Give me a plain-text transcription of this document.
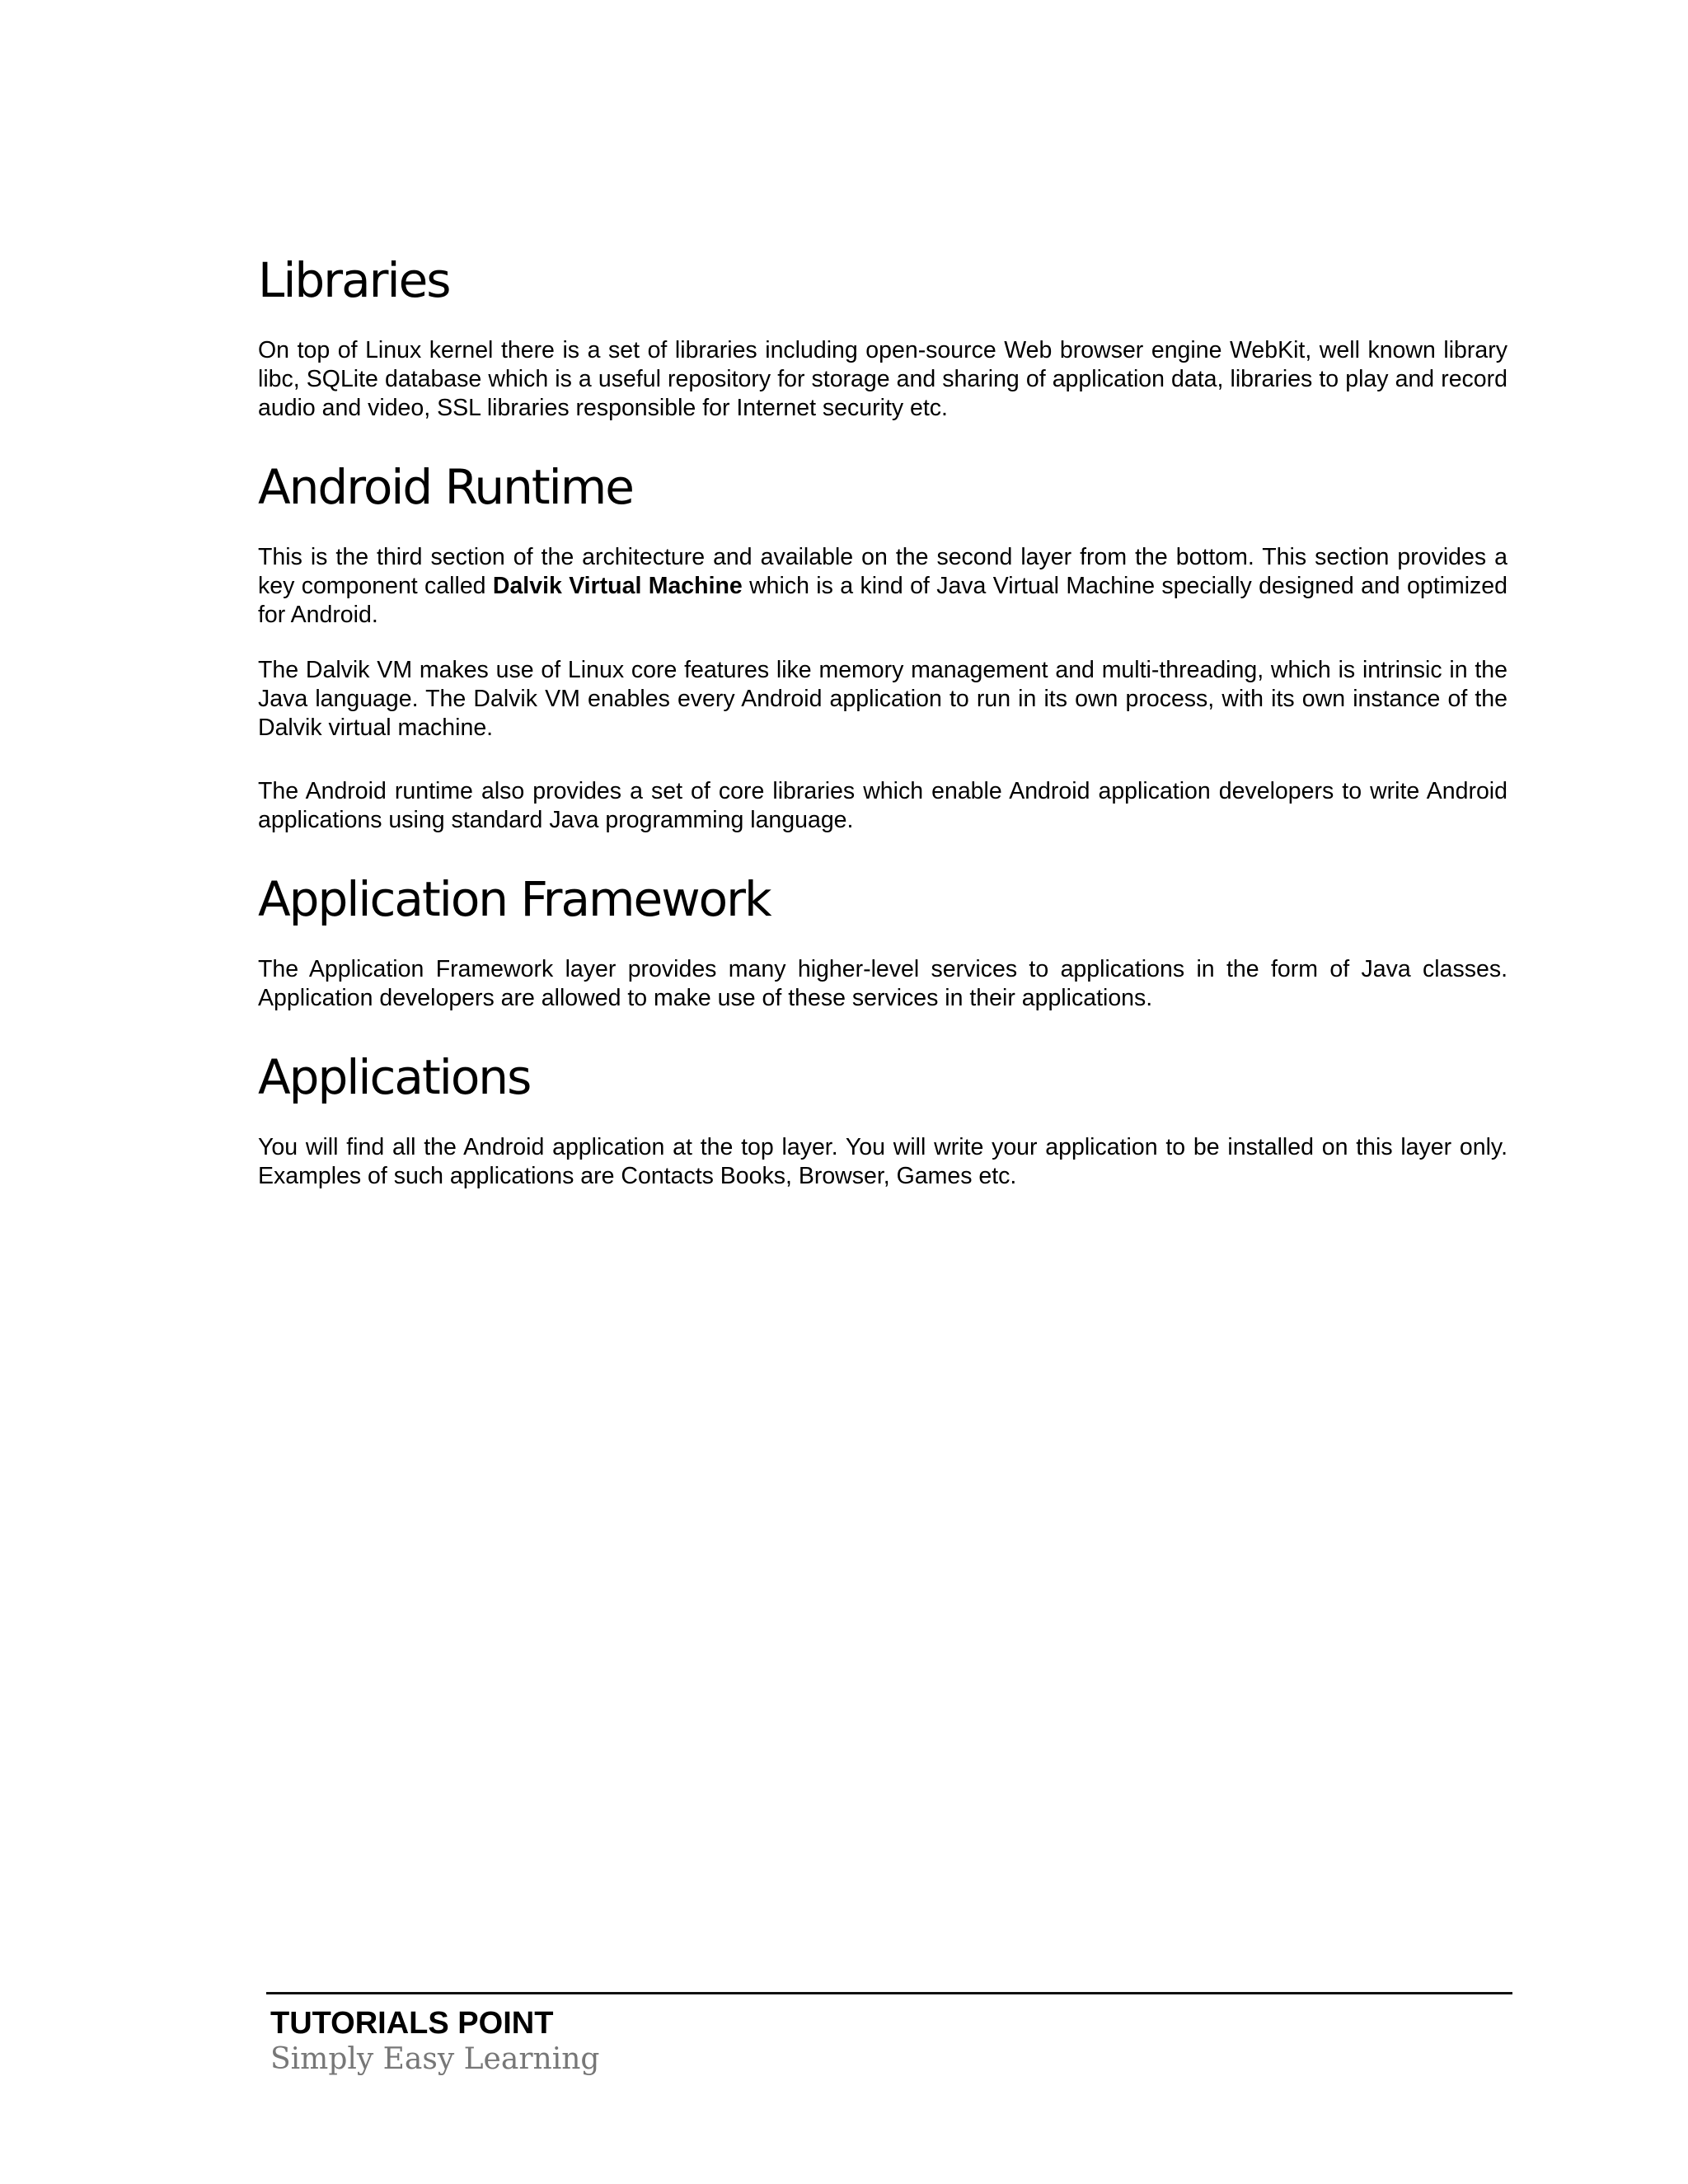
Libraries

On top of Linux kernel there is a set of libraries including open-source Web browser engine WebKit, well known library libc, SQLite database which is a useful repository for storage and sharing of application data, libraries to play and record audio and video, SSL libraries responsible for Internet security etc.

Android Runtime

This is the third section of the architecture and available on the second layer from the bottom. This section provides a key component called Dalvik Virtual Machine which is a kind of Java Virtual Machine specially designed and optimized for Android.

The Dalvik VM makes use of Linux core features like memory management and multi-threading, which is intrinsic in the Java language. The Dalvik VM enables every Android application to run in its own process, with its own instance of the Dalvik virtual machine.

The Android runtime also provides a set of core libraries which enable Android application developers to write Android applications using standard Java programming language.

Application Framework

The Application Framework layer provides many higher-level services to applications in the form of Java classes. Application developers are allowed to make use of these services in their applications.

Applications

You will find all the Android application at the top layer. You will write your application to be installed on this layer only. Examples of such applications are Contacts Books, Browser, Games etc.

TUTORIALS POINT
Simply Easy Learning
